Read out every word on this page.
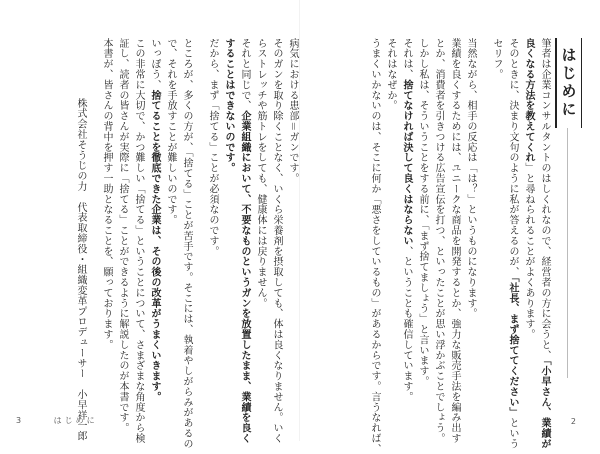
はじめに
筆者は企業コンサルタントのはしくれなので、経営者の方に会うと、「小早さん、業績が
良くなる方法を教えてくれ」と尋ねられることがよくあります。
そのときに、決まり文句のように私が答えるのが、「社長、まず捨ててください」という
セリフ。
当然ながら、相手の反応は「は？」というものになります。
業績を良くするためには、ユニークな商品を開発するとか、強力な販売手法を編み出す
とか、消費者を引きつける広告宣伝を打つ、といったことが思い浮かぶことでしょう。
しかし私は、そういうことをする前に、「まず捨てましょう」と言います。
それは、捨てなければ決して良くはならない、ということも確信しています。
それはなぜか。
うまくいかないのは、そこに何か「悪さをしているもの」があるからです。言うなれば、
病気における患部＝ガンです。
そのガンを取り除くことなく、いくら栄養剤を摂取しても、体は良くなりません。いく
らストレッチや筋トレをしても、健康体には戻りません。
それと同じで、企業組織において、不要なものというガンを放置したまま、業績を良く
することはできないのです。
だから、まず「捨てる」ことが必須なのです。
ところが、多くの方が、「捨てる」ことが苦手です。そこには、執着やしがらみがあるの
で、それを手放すことが難しいのです。
いっぽう、捨てることを徹底できた企業は、その後の改革がうまくいきます。
この非常に大切で、かつ難しい「捨てる」ということについて、さまざまな角度から検
証し、読者の皆さんが実際に「捨てる」ことができるように解説したのが本書です。
本書が、皆さんの背中を押す一助となることを、願っております。
株式会社そうじの力　代表取締役・組織変革プロデューサー　小早祥一郎
3	はじめに	2
